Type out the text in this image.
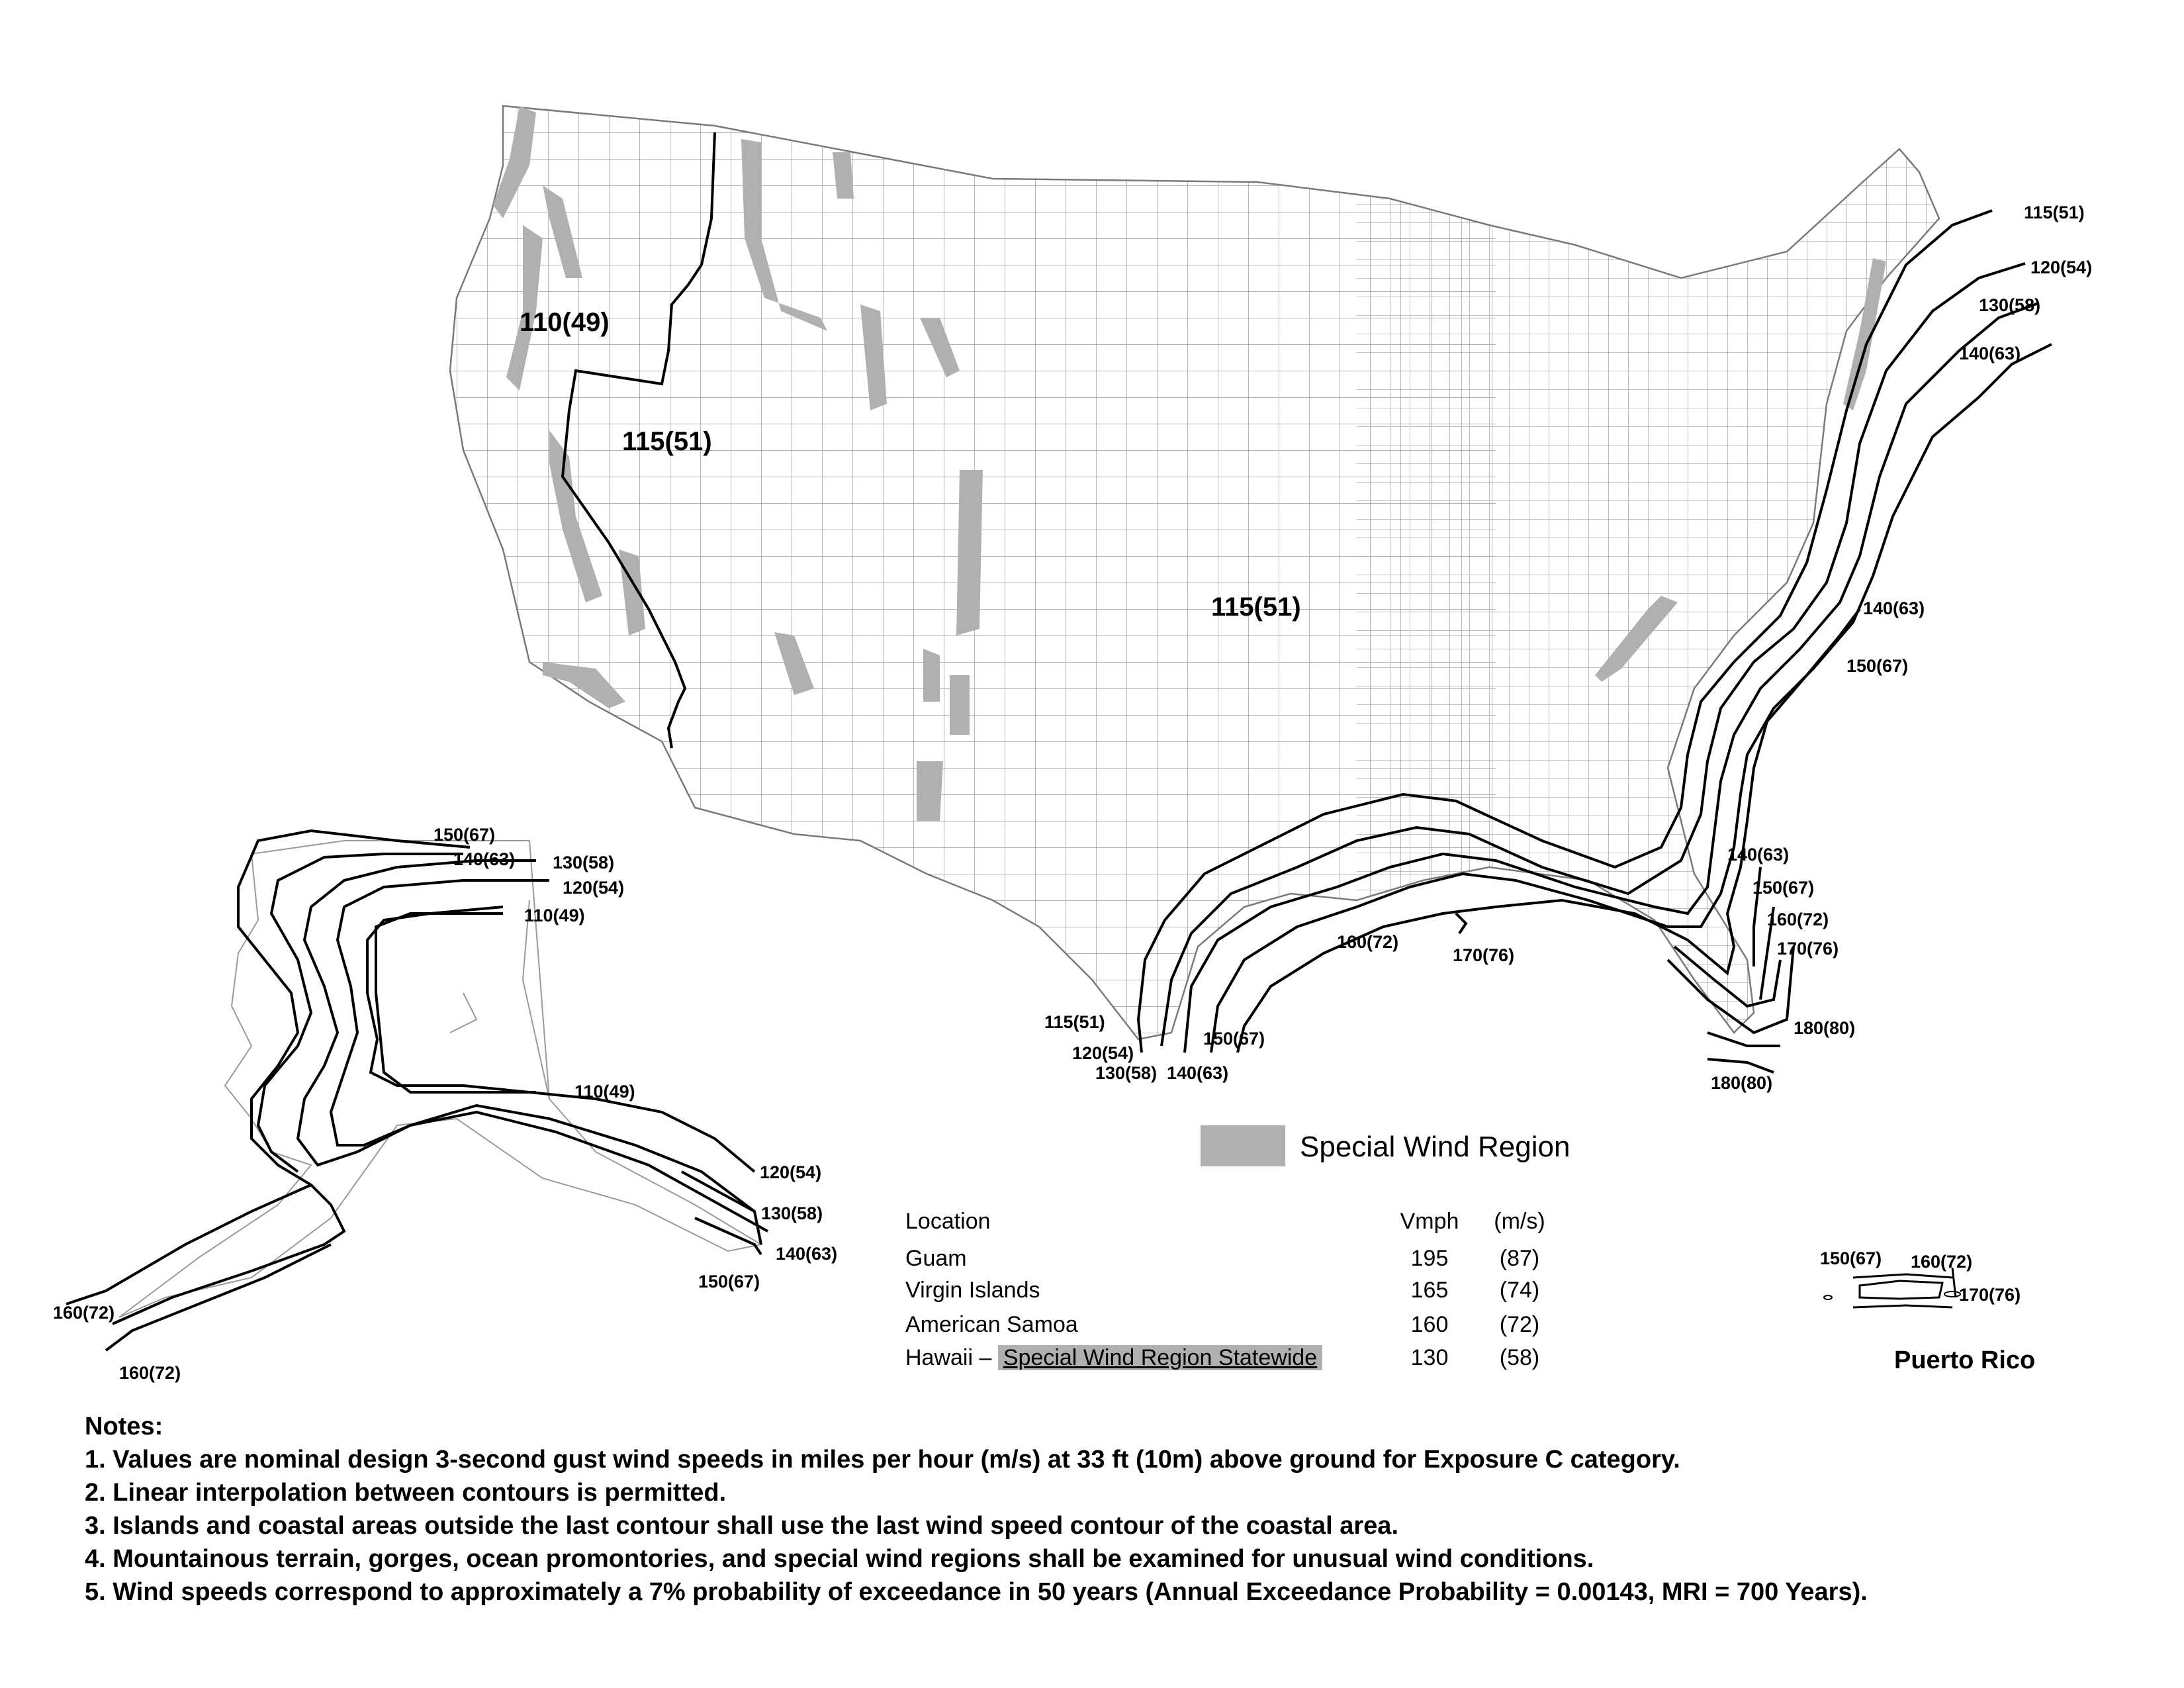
110(49)
115(51)
115(51)
115(51)
120(54)
130(58)
140(63)
140(63)
150(67)
140(63)
150(67)
160(72)
170(76)
180(80)
180(80)
160(72)
170(76)
115(51)
120(54)
130(58) 140(63)
150(67)
150(67)
140(63) 130(58)
120(54)
110(49)
110(49)
120(54)
130(58)
140(63)
150(67)
160(72)
160(72)
150(67) 160(72)
170(76)
Special Wind Region
Location	Vmph	(m/s)
Guam	195	(87)
Virgin Islands	165	(74)
American Samoa	160	(72)
Hawaii – Special Wind Region Statewide	130	(58)	Puerto Rico
Notes:
1. Values are nominal design 3-second gust wind speeds in miles per hour (m/s) at 33 ft (10m) above ground for Exposure C category.
2. Linear interpolation between contours is permitted.
3. Islands and coastal areas outside the last contour shall use the last wind speed contour of the coastal area.
4. Mountainous terrain, gorges, ocean promontories, and special wind regions shall be examined for unusual wind conditions.
5. Wind speeds correspond to approximately a 7% probability of exceedance in 50 years (Annual Exceedance Probability = 0.00143, MRI = 700 Years).
